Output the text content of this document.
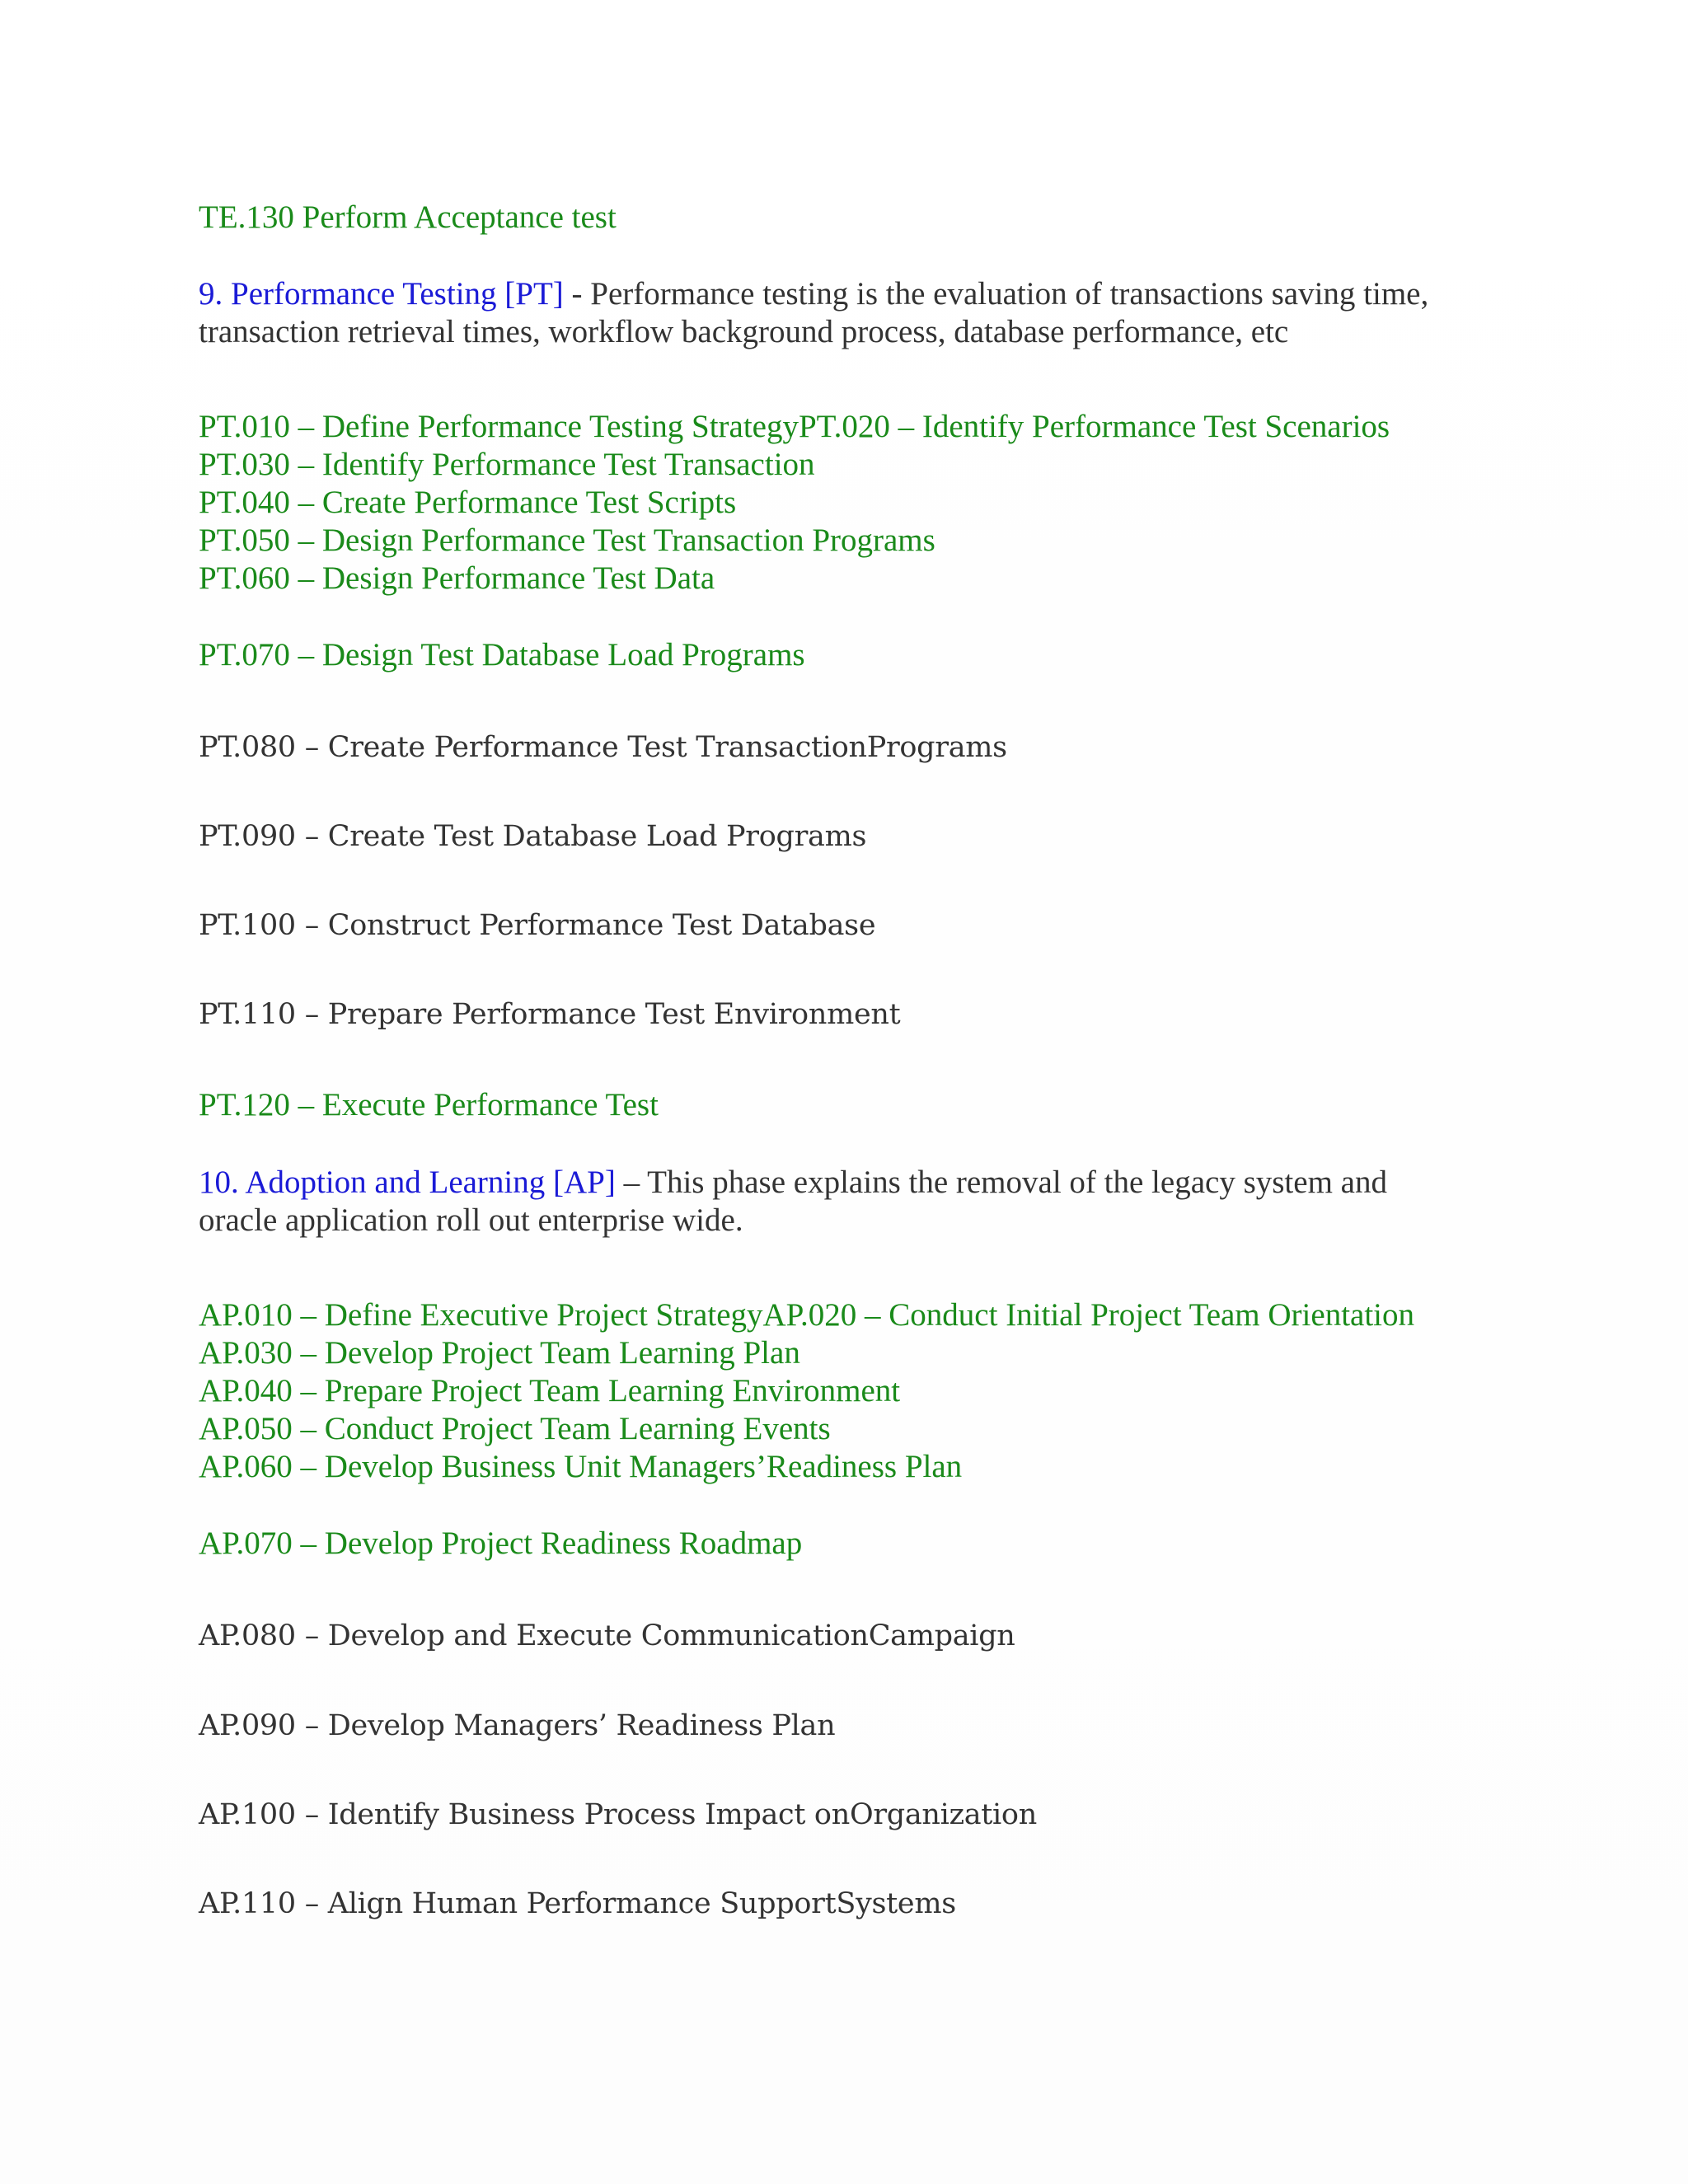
TE.130 Perform Acceptance test
9. Performance Testing [PT] - Performance testing is the evaluation of transactions saving time,
transaction retrieval times, workflow background process, database performance, etc
PT.010 – Define Performance Testing StrategyPT.020 – Identify Performance Test Scenarios
PT.030 – Identify Performance Test Transaction
PT.040 – Create Performance Test Scripts
PT.050 – Design Performance Test Transaction Programs
PT.060 – Design Performance Test Data
PT.070 – Design Test Database Load Programs
PT.080 – Create Performance Test TransactionPrograms
PT.090 – Create Test Database Load Programs
PT.100 – Construct Performance Test Database
PT.110 – Prepare Performance Test Environment
PT.120 – Execute Performance Test
10. Adoption and Learning [AP] – This phase explains the removal of the legacy system and
oracle application roll out enterprise wide.
AP.010 – Define Executive Project StrategyAP.020 – Conduct Initial Project Team Orientation
AP.030 – Develop Project Team Learning Plan
AP.040 – Prepare Project Team Learning Environment
AP.050 – Conduct Project Team Learning Events
AP.060 – Develop Business Unit Managers’Readiness Plan
AP.070 – Develop Project Readiness Roadmap
AP.080 – Develop and Execute CommunicationCampaign
AP.090 – Develop Managers’ Readiness Plan
AP.100 – Identify Business Process Impact onOrganization
AP.110 – Align Human Performance SupportSystems
